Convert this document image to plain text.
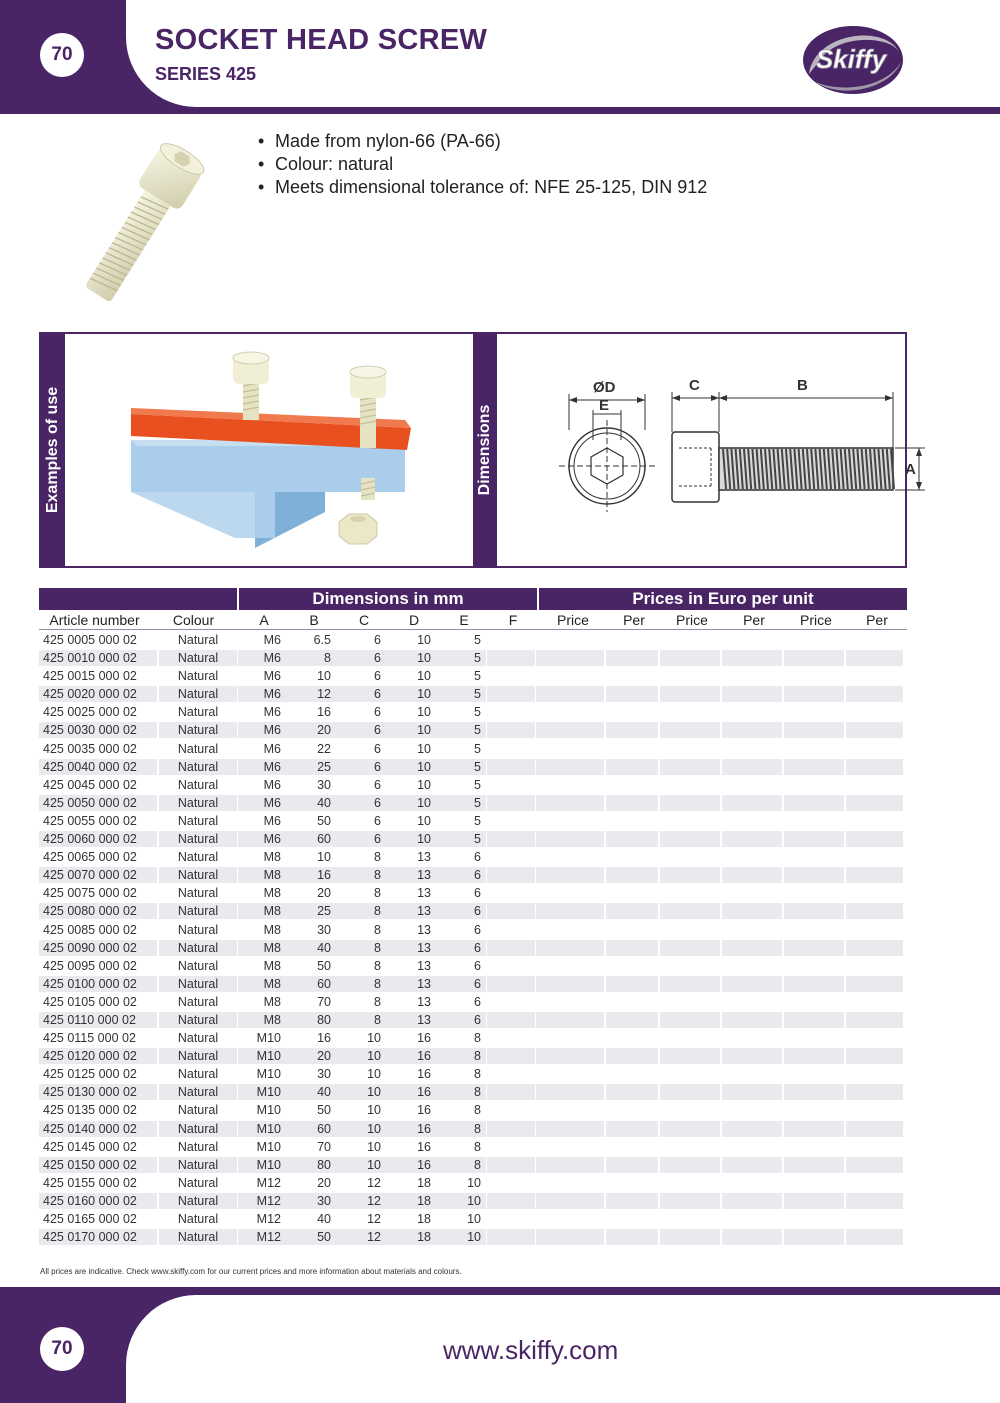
70	SOCKET HEAD SCREW
SERIES 425	Skiffy
• Made from nylon-66 (PA-66)
• Colour: natural
• Meets dimensional tolerance of: NFE 25-125, DIN 912
Examples of use	Dimensions
ØD
E
C	B
A
Dimensions in mm	Prices in Euro per unit
Article number	Colour	A	B	C	D	E	F	Price	Per	Price	Per	Price	Per
425 0005 000 02	Natural	M6	6.5	6	10	5
425 0010 000 02	Natural	M6	8	6	10	5
425 0015 000 02	Natural	M6	10	6	10	5
425 0020 000 02	Natural	M6	12	6	10	5
425 0025 000 02	Natural	M6	16	6	10	5
425 0030 000 02	Natural	M6	20	6	10	5
425 0035 000 02	Natural	M6	22	6	10	5
425 0040 000 02	Natural	M6	25	6	10	5
425 0045 000 02	Natural	M6	30	6	10	5
425 0050 000 02	Natural	M6	40	6	10	5
425 0055 000 02	Natural	M6	50	6	10	5
425 0060 000 02	Natural	M6	60	6	10	5
425 0065 000 02	Natural	M8	10	8	13	6
425 0070 000 02	Natural	M8	16	8	13	6
425 0075 000 02	Natural	M8	20	8	13	6
425 0080 000 02	Natural	M8	25	8	13	6
425 0085 000 02	Natural	M8	30	8	13	6
425 0090 000 02	Natural	M8	40	8	13	6
425 0095 000 02	Natural	M8	50	8	13	6
425 0100 000 02	Natural	M8	60	8	13	6
425 0105 000 02	Natural	M8	70	8	13	6
425 0110 000 02	Natural	M8	80	8	13	6
425 0115 000 02	Natural	M10	16	10	16	8
425 0120 000 02	Natural	M10	20	10	16	8
425 0125 000 02	Natural	M10	30	10	16	8
425 0130 000 02	Natural	M10	40	10	16	8
425 0135 000 02	Natural	M10	50	10	16	8
425 0140 000 02	Natural	M10	60	10	16	8
425 0145 000 02	Natural	M10	70	10	16	8
425 0150 000 02	Natural	M10	80	10	16	8
425 0155 000 02	Natural	M12	20	12	18	10
425 0160 000 02	Natural	M12	30	12	18	10
425 0165 000 02	Natural	M12	40	12	18	10
425 0170 000 02	Natural	M12	50	12	18	10
All prices are indicative. Check www.skiffy.com for our current prices and more information about materials and colours.
70	www.skiffy.com
